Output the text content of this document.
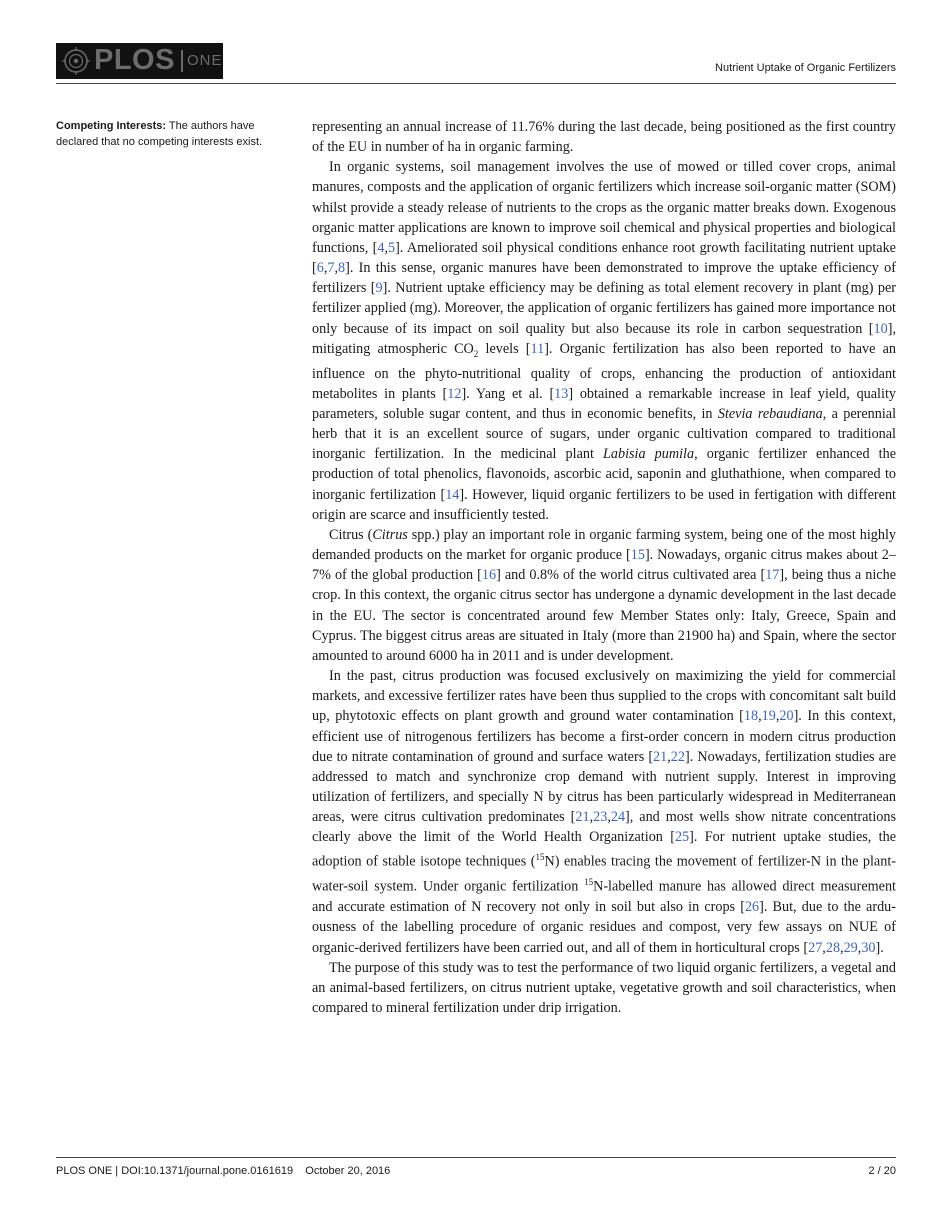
PLOS ONE	Nutrient Uptake of Organic Fertilizers
Competing Interests: The authors have declared that no competing interests exist.

representing an annual increase of 11.76% during the last decade, being positioned as the first country of the EU in number of ha in organic farming.

In organic systems, soil management involves the use of mowed or tilled cover crops, animal manures, composts and the application of organic fertilizers which increase soil-organic matter (SOM) whilst provide a steady release of nutrients to the crops as the organic matter breaks down. Exogenous organic matter applications are known to improve soil chemical and physical properties and biological functions, [4,5]. Ameliorated soil physical conditions enhance root growth facilitating nutrient uptake [6,7,8]. In this sense, organic manures have been demonstrated to improve the uptake efficiency of fertilizers [9]. Nutrient uptake efficiency may be defining as total element recovery in plant (mg) per fertilizer applied (mg). Moreover, the application of organic fertilizers has gained more importance not only because of its impact on soil quality but also because its role in carbon sequestration [10], mitigating atmospheric $CO_2$ levels [11]. Organic fertilization has also been reported to have an influence on the phyto-nutritional quality of crops, enhancing the production of antioxidant metabolites in plants [12]. Yang et al. [13] obtained a remarkable increase in leaf yield, quality parameters, soluble sugar content, and thus in economic benefits, in Stevia rebaudiana, a perennial herb that it is an excellent source of sugars, under organic cultivation compared to traditional inorganic fertilization. In the medicinal plant Labisia pumila, organic fertilizer enhanced the production of total phenolics, flavonoids, ascorbic acid, saponin and gluthathione, when compared to inorganic fertilization [14]. However, liquid organic fertilizers to be used in fertigation with different origin are scarce and insufficiently tested.

Citrus (Citrus spp.) play an important role in organic farming system, being one of the most highly demanded products on the market for organic produce [15]. Nowadays, organic citrus makes about 2–7% of the global production [16] and 0.8% of the world citrus cultivated area [17], being thus a niche crop. In this context, the organic citrus sector has undergone a dynamic development in the last decade in the EU. The sector is concentrated around few Member States only: Italy, Greece, Spain and Cyprus. The biggest citrus areas are situated in Italy (more than 21900 ha) and Spain, where the sector amounted to around 6000 ha in 2011 and is under development.

In the past, citrus production was focused exclusively on maximizing the yield for commercial markets, and excessive fertilizer rates have been thus supplied to the crops with concomitant salt build up, phytotoxic effects on plant growth and ground water contamination [18,19,20]. In this context, efficient use of nitrogenous fertilizers has become a first-order concern in modern citrus production due to nitrate contamination of ground and surface waters [21,22]. Nowadays, fertilization studies are addressed to match and synchronize crop demand with nutrient supply. Interest in improving utilization of fertilizers, and specially N by citrus has been particularly widespread in Mediterranean areas, were citrus cultivation predominates [21,23,24], and most wells show nitrate concentrations clearly above the limit of the World Health Organization [25]. For nutrient uptake studies, the adoption of stable isotope techniques ($^{15}$N) enables tracing the movement of fertilizer-N in the plant-water-soil system. Under organic fertilization $^{15}$N-labelled manure has allowed direct measurement and accurate estimation of N recovery not only in soil but also in crops [26]. But, due to the arduousness of the labelling procedure of organic residues and compost, very few assays on NUE of organic-derived fertilizers have been carried out, and all of them in horticultural crops [27,28,29,30].

The purpose of this study was to test the performance of two liquid organic fertilizers, a vegetal and an animal-based fertilizers, on citrus nutrient uptake, vegetative growth and soil characteristics, when compared to mineral fertilization under drip irrigation.

PLOS ONE | DOI:10.1371/journal.pone.0161619    October 20, 2016	2 / 20
